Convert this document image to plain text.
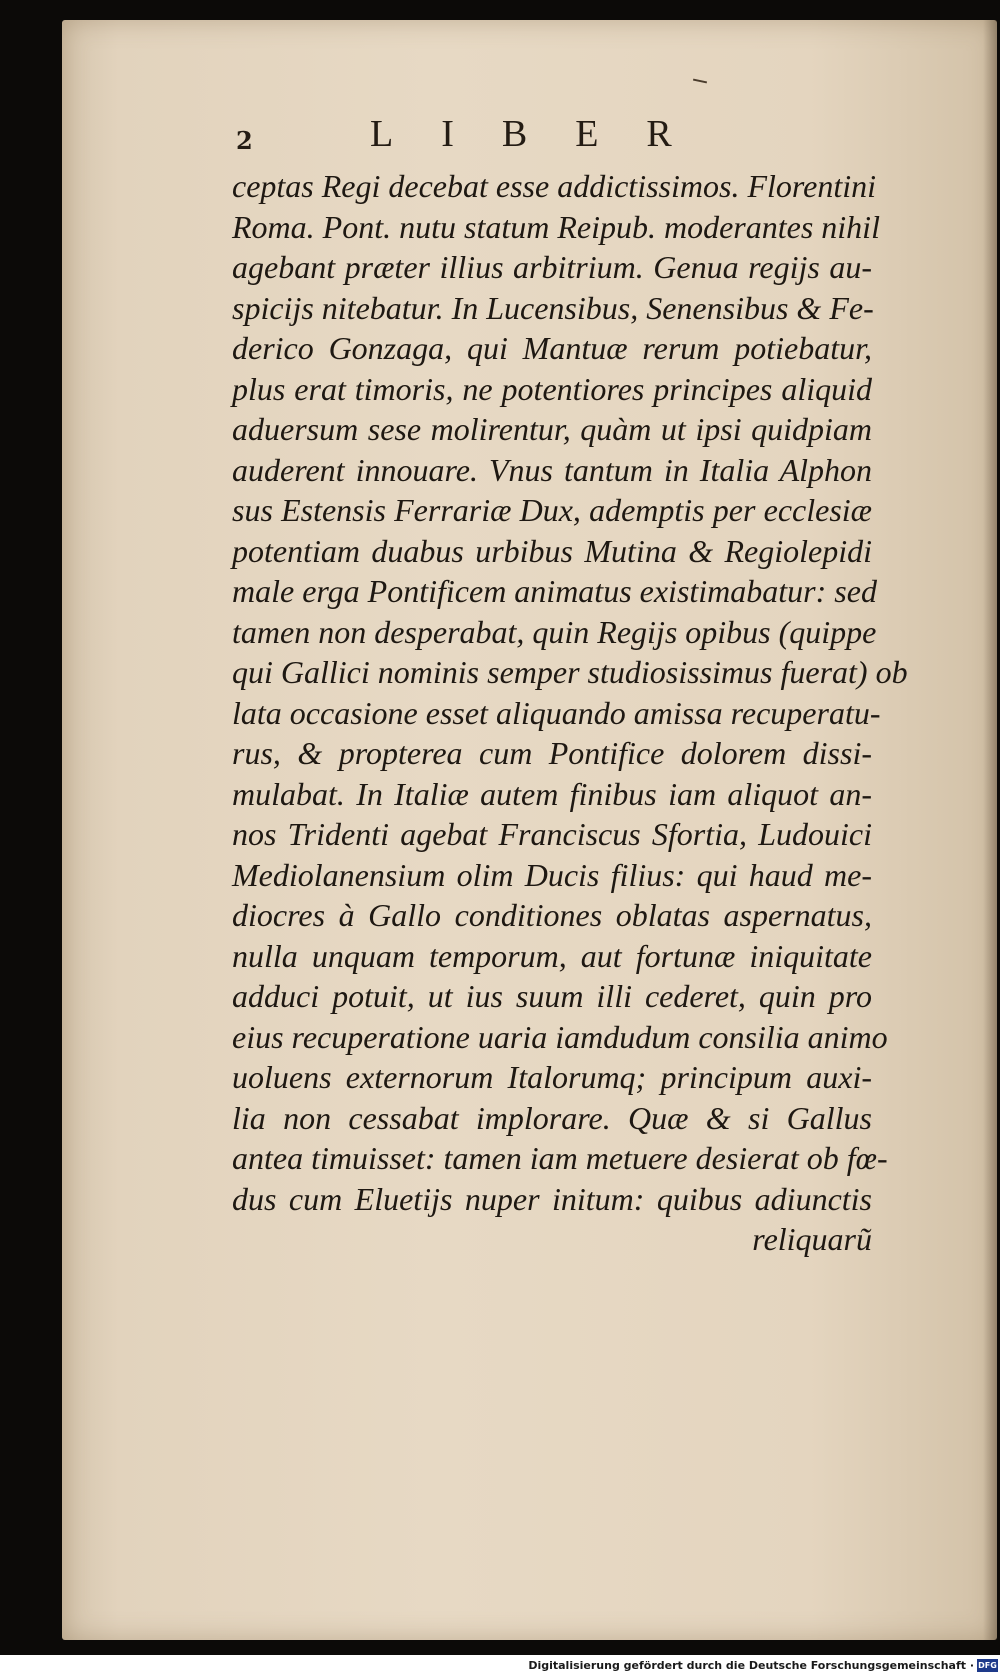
2	LIBER
ceptas Regi decebat esse addictissimos. Florentini
Roma. Pont. nutu statum Reipub. moderantes nihil
agebant præter illius arbitrium. Genua regijs au-
spicijs nitebatur. In Lucensibus, Senensibus & Fe-
derico Gonzaga, qui Mantuæ rerum potiebatur,
plus erat timoris, ne potentiores principes aliquid
aduersum sese molirentur, quàm ut ipsi quidpiam
auderent innouare. Vnus tantum in Italia Alphon
sus Estensis Ferrariæ Dux, ademptis per ecclesiæ
potentiam duabus urbibus Mutina & Regiolepidi
male erga Pontificem animatus existimabatur: sed
tamen non desperabat, quin Regijs opibus (quippe
qui Gallici nominis semper studiosissimus fuerat) ob
lata occasione esset aliquando amissa recuperatu-
rus, & propterea cum Pontifice dolorem dissi-
mulabat. In Italiæ autem finibus iam aliquot an-
nos Tridenti agebat Franciscus Sfortia, Ludouici
Mediolanensium olim Ducis filius: qui haud me-
diocres à Gallo conditiones oblatas aspernatus,
nulla unquam temporum, aut fortunæ iniquitate
adduci potuit, ut ius suum illi cederet, quin pro
eius recuperatione uaria iamdudum consilia animo
uoluens externorum Italorumq; principum auxi-
lia non cessabat implorare. Quæ & si Gallus
antea timuisset: tamen iam metuere desierat ob fœ-
dus cum Eluetijs nuper initum: quibus adiunctis
reliquarũ
Digitalisierung gefördert durch die Deutsche Forschungsgemeinschaft · DFG
